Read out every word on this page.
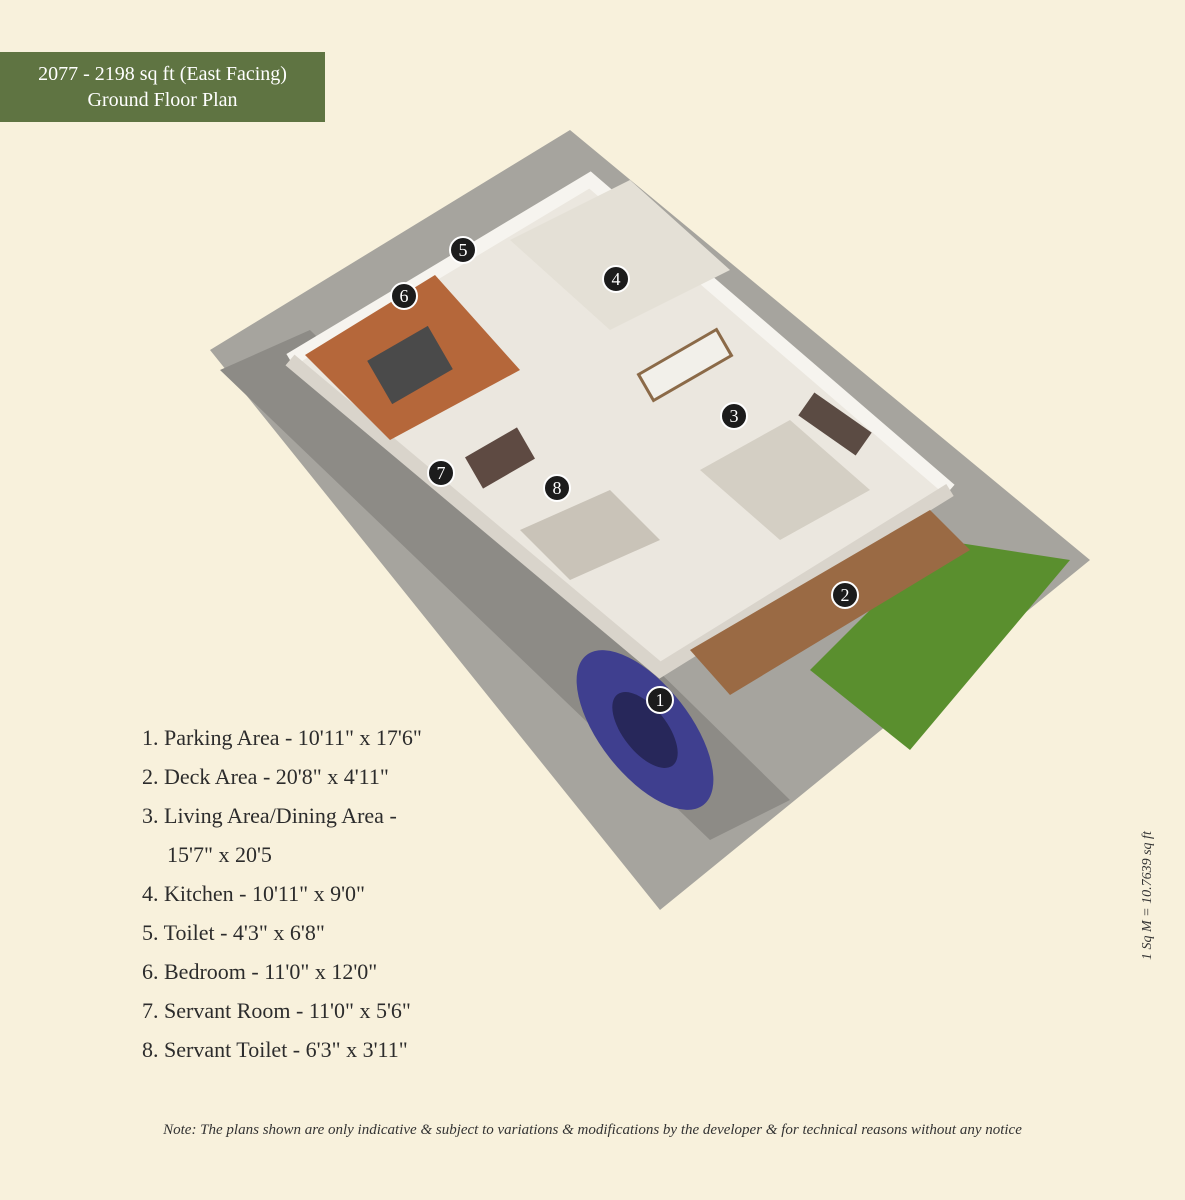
2077 - 2198 sq ft (East Facing)
Ground Floor Plan
1
2
3
4
5
6
7
8
1. Parking Area - 10'11" x 17'6"
2. Deck Area - 20'8" x 4'11"
3. Living Area/Dining Area -
15'7" x 20'5
4. Kitchen - 10'11" x 9'0"
5. Toilet - 4'3" x 6'8"
6. Bedroom - 11'0" x 12'0"
7. Servant Room - 11'0" x 5'6"
8. Servant Toilet - 6'3" x 3'11"
1 Sq M = 10.7639 sq ft
Note: The plans shown are only indicative & subject to variations & modifications by the developer & for technical reasons without any notice
